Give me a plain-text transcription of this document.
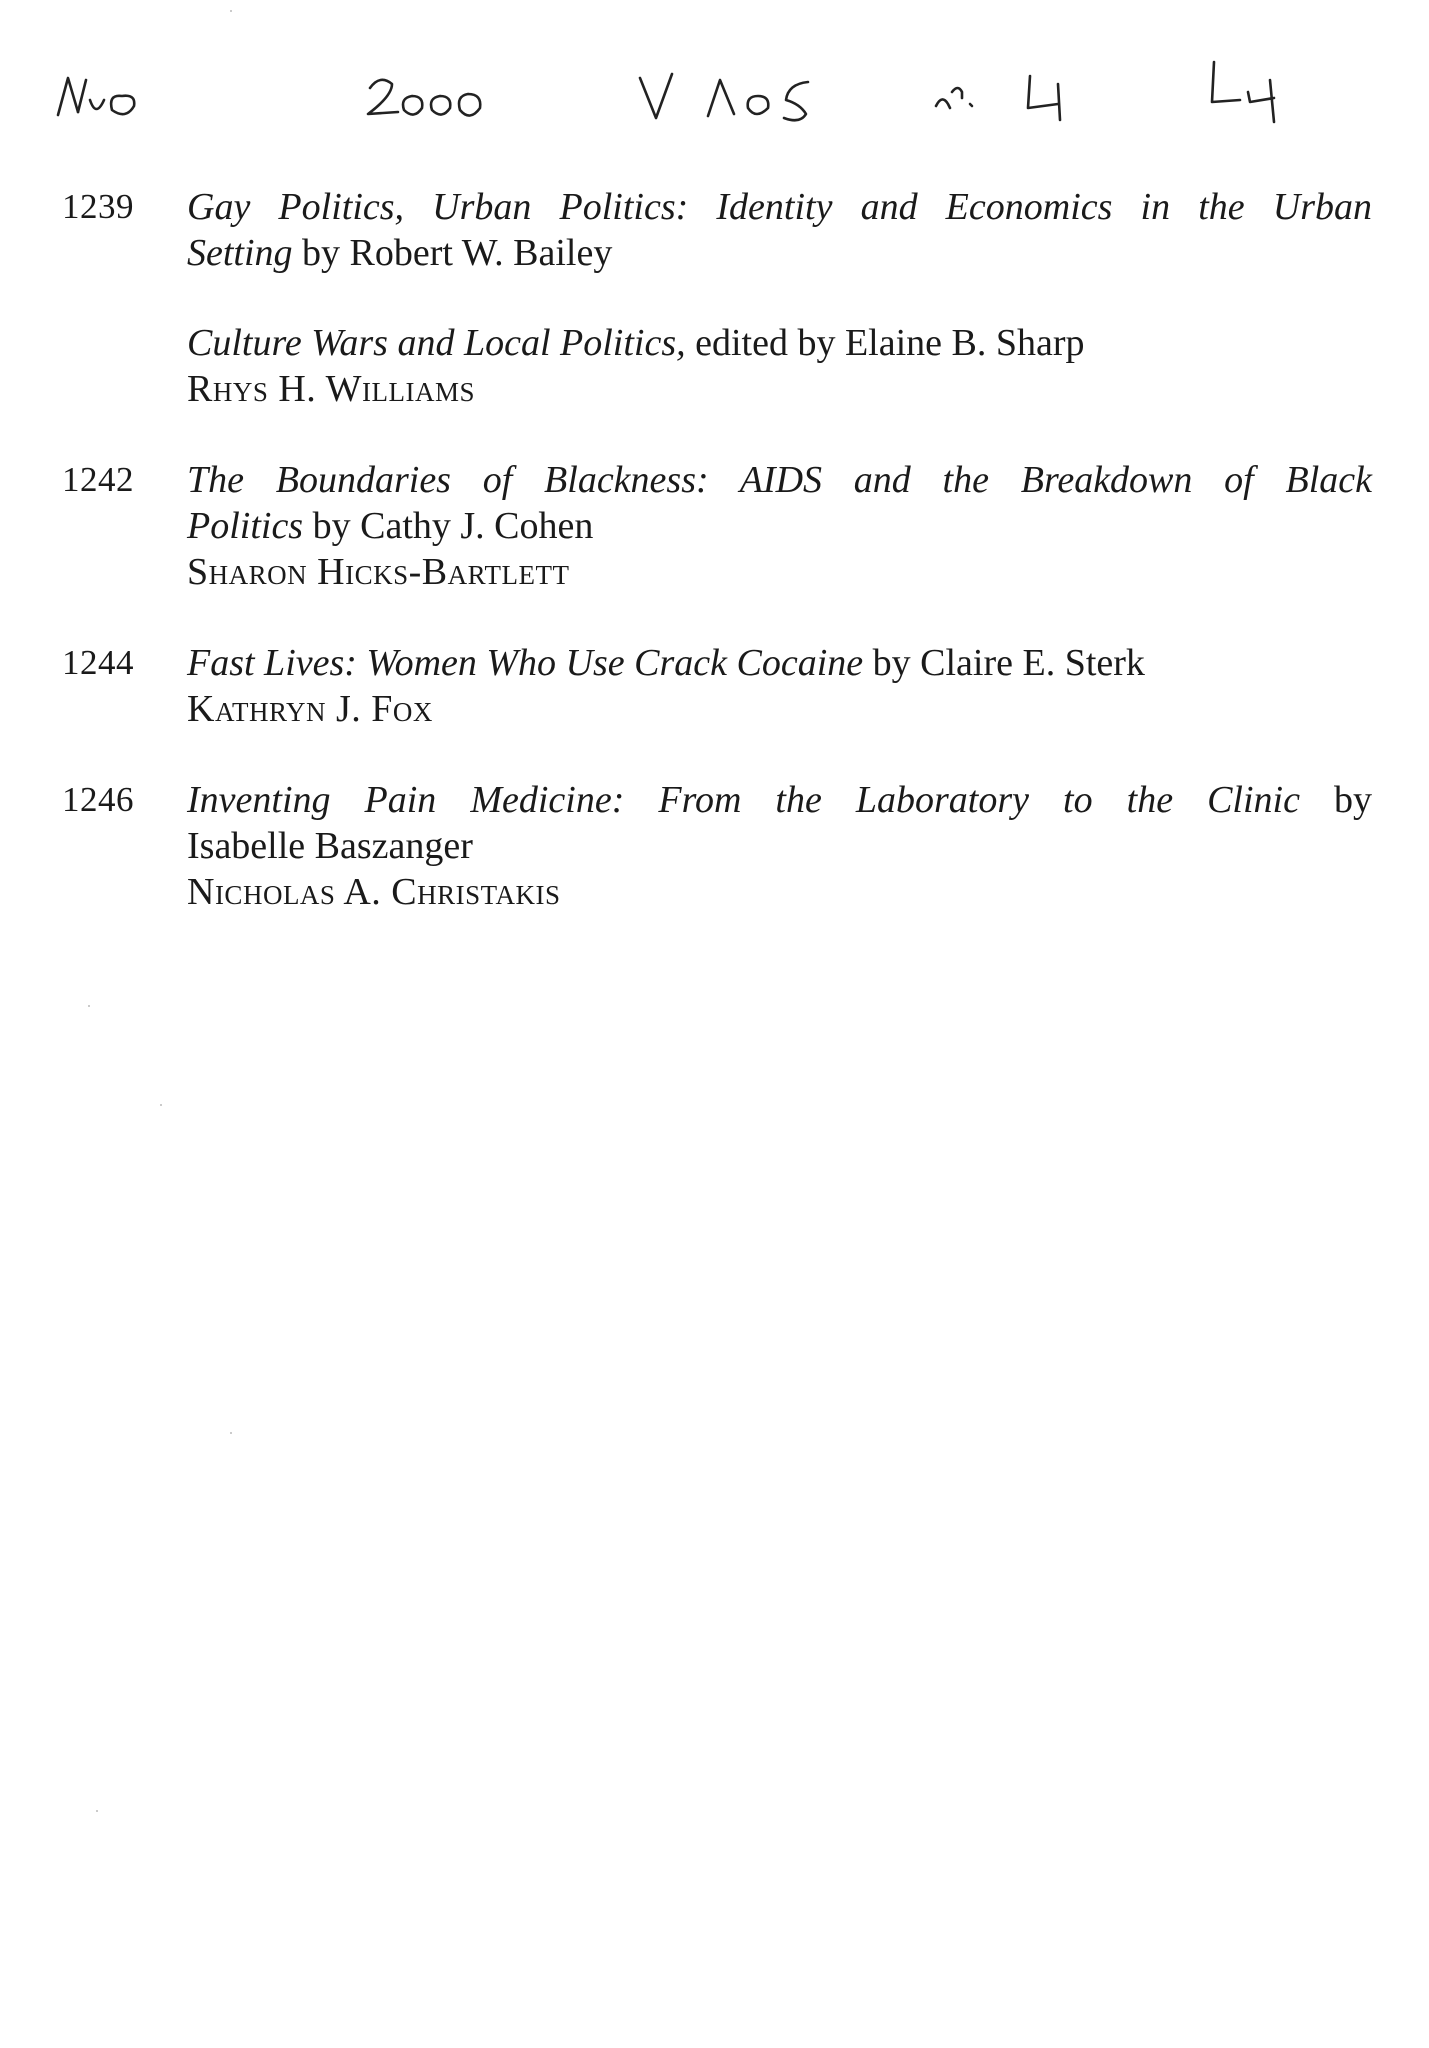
1239	Gay Politics, Urban Politics: Identity and Economics in the Urban
Setting by Robert W. Bailey
Culture Wars and Local Politics, edited by Elaine B. Sharp
Rhys H. Williams
1242	The Boundaries of Blackness: AIDS and the Breakdown of Black
Politics by Cathy J. Cohen
Sharon Hicks-Bartlett
1244	Fast Lives: Women Who Use Crack Cocaine by Claire E. Sterk
Kathryn J. Fox
1246	Inventing Pain Medicine: From the Laboratory to the Clinic by
Isabelle Baszanger
Nicholas A. Christakis
